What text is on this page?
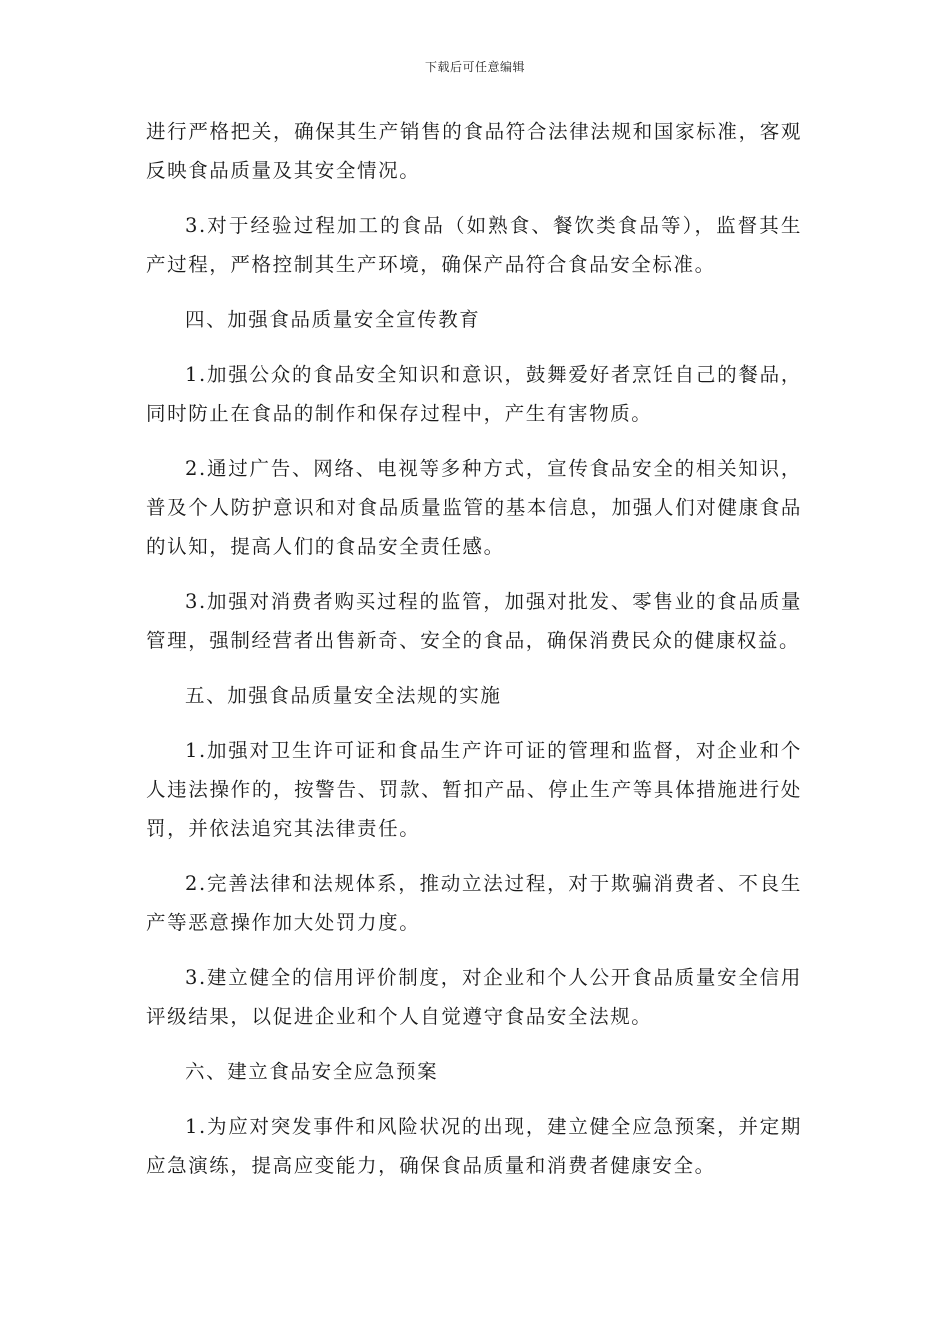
下载后可任意编辑

进行严格把关，确保其生产销售的食品符合法律法规和国家标准，客观反映食品质量及其安全情况。

3.对于经验过程加工的食品（如熟食、餐饮类食品等），监督其生产过程，严格控制其生产环境，确保产品符合食品安全标准。

四、加强食品质量安全宣传教育

1.加强公众的食品安全知识和意识，鼓舞爱好者烹饪自己的餐品，同时防止在食品的制作和保存过程中，产生有害物质。

2.通过广告、网络、电视等多种方式，宣传食品安全的相关知识，普及个人防护意识和对食品质量监管的基本信息，加强人们对健康食品的认知，提高人们的食品安全责任感。

3.加强对消费者购买过程的监管，加强对批发、零售业的食品质量管理，强制经营者出售新奇、安全的食品，确保消费民众的健康权益。

五、加强食品质量安全法规的实施

1.加强对卫生许可证和食品生产许可证的管理和监督，对企业和个人违法操作的，按警告、罚款、暂扣产品、停止生产等具体措施进行处罚，并依法追究其法律责任。

2.完善法律和法规体系，推动立法过程，对于欺骗消费者、不良生产等恶意操作加大处罚力度。

3.建立健全的信用评价制度，对企业和个人公开食品质量安全信用评级结果，以促进企业和个人自觉遵守食品安全法规。

六、建立食品安全应急预案

1.为应对突发事件和风险状况的出现，建立健全应急预案，并定期应急演练，提高应变能力，确保食品质量和消费者健康安全。
